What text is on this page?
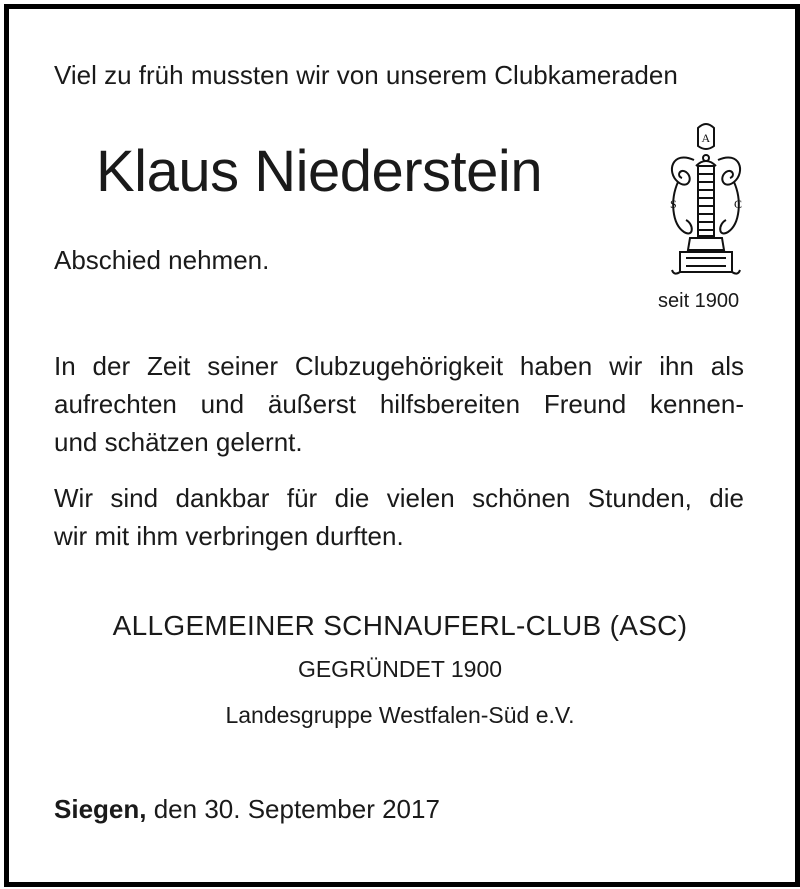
Viel zu früh mussten wir von unserem Clubkameraden

Klaus Niederstein

Abschied nehmen.

A
S	C

seit 1900

In der Zeit seiner Clubzugehörigkeit haben wir ihn als
aufrechten und äußerst hilfsbereiten Freund kennen-
und schätzen gelernt.
Wir sind dankbar für die vielen schönen Stunden, die
wir mit ihm verbringen durften.

ALLGEMEINER SCHNAUFERL-CLUB (ASC)

GEGRÜNDET 1900

Landesgruppe Westfalen-Süd e.V.

Siegen, den 30. September 2017
